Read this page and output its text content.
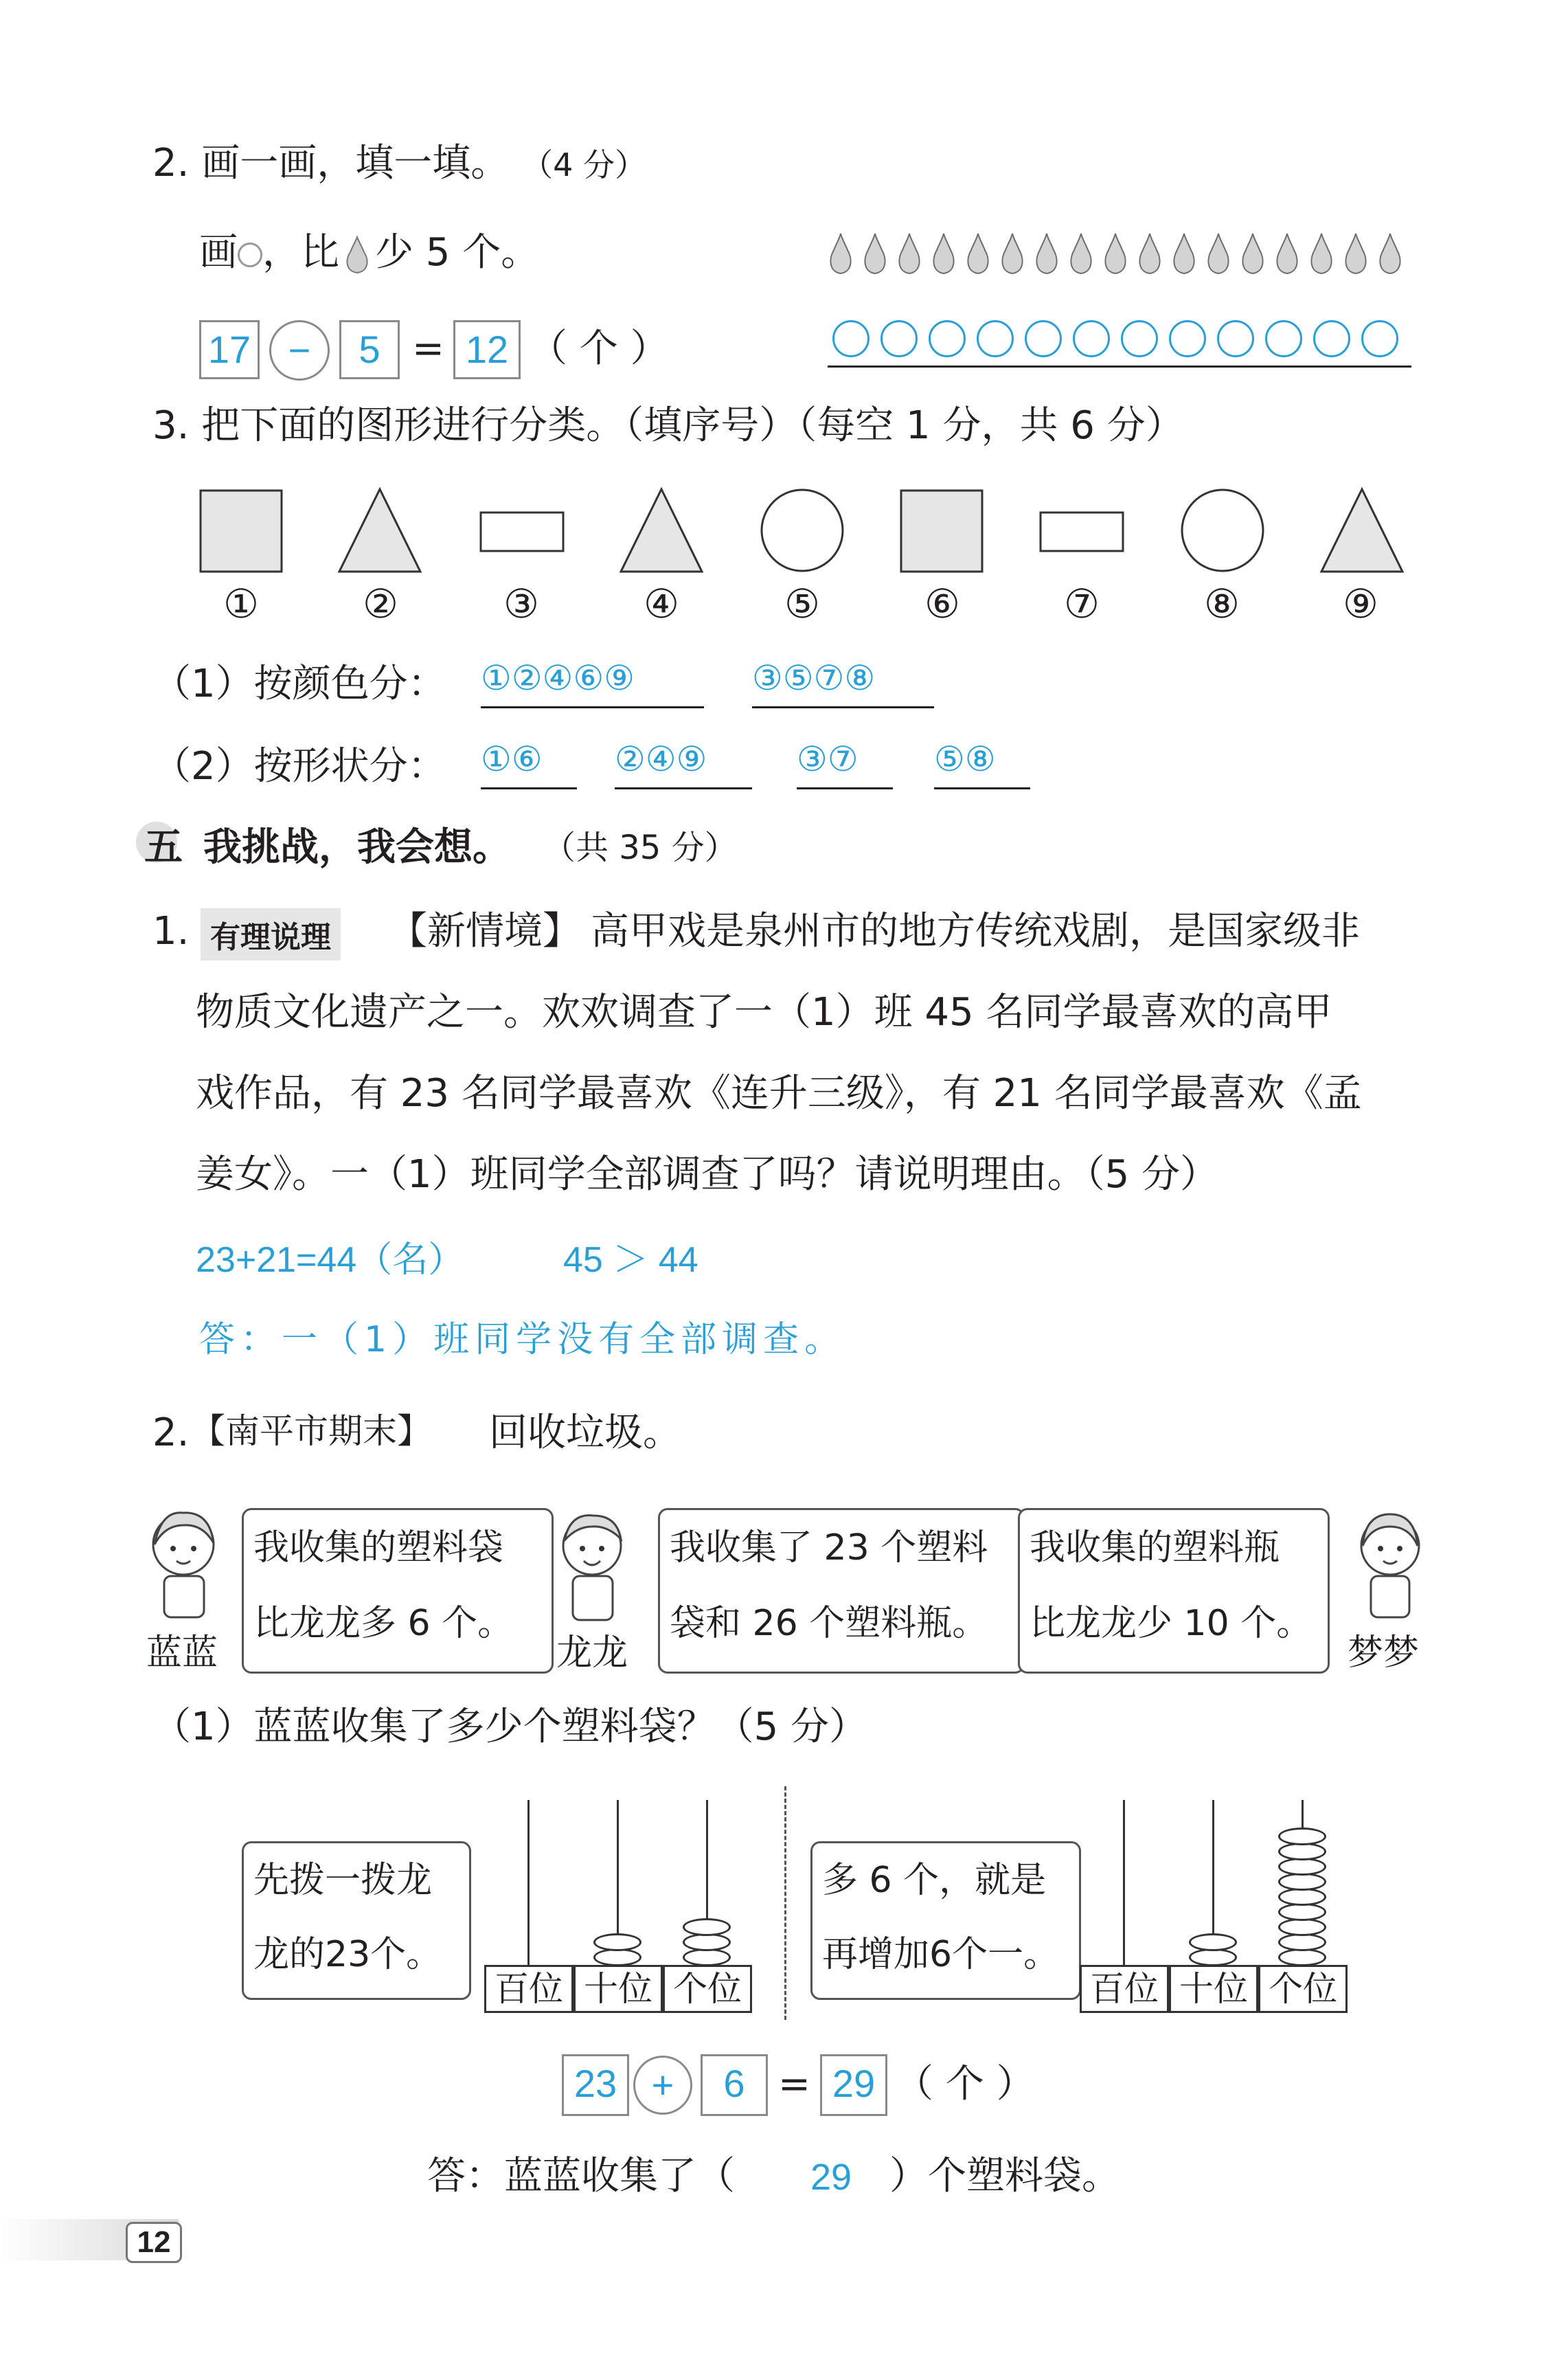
2. 画一画，填一填。 （4 分）
画 ，比 少 5 个。
17 −	5 = 12 （ 个 ）
3. 把下面的图形进行分类。（填序号）（每空 1 分，共 6 分）
①	②	③	④	⑤	⑥	⑦	⑧	⑨
（1）按颜色分： ①②④⑥⑨	③⑤⑦⑧
（2）按形状分： ①⑥	②④⑨	③⑦	⑤⑧
五 我挑战，我会想。 （共 35 分）
1. 有理说理 【新情境】 高甲戏是泉州市的地方传统戏剧，是国家级非
物质文化遗产之一。欢欢调查了一（1）班 45 名同学最喜欢的高甲
戏作品，有 23 名同学最喜欢《连升三级》，有 21 名同学最喜欢《孟
姜女》。一（1）班同学全部调查了吗？请说明理由。（5 分）
23+21=44（名）	45 ＞ 44
答：一（1）班同学没有全部调查。
2. 【南平市期末】 回收垃圾。
蓝蓝	龙龙	梦梦
我收集的塑料袋
比龙龙多 6 个。
我收集了 23 个塑料
袋和 26 个塑料瓶。
我收集的塑料瓶
比龙龙少 10 个。
（1）蓝蓝收集了多少个塑料袋？（5 分）
先拨一拨龙
龙的23个。
多 6 个，就是
再增加6个一。
百位 十位 个位	百位 十位 个位
23 +	6 = 29 （ 个 ）
答：蓝蓝收集了（ 29 ）个塑料袋。
12
